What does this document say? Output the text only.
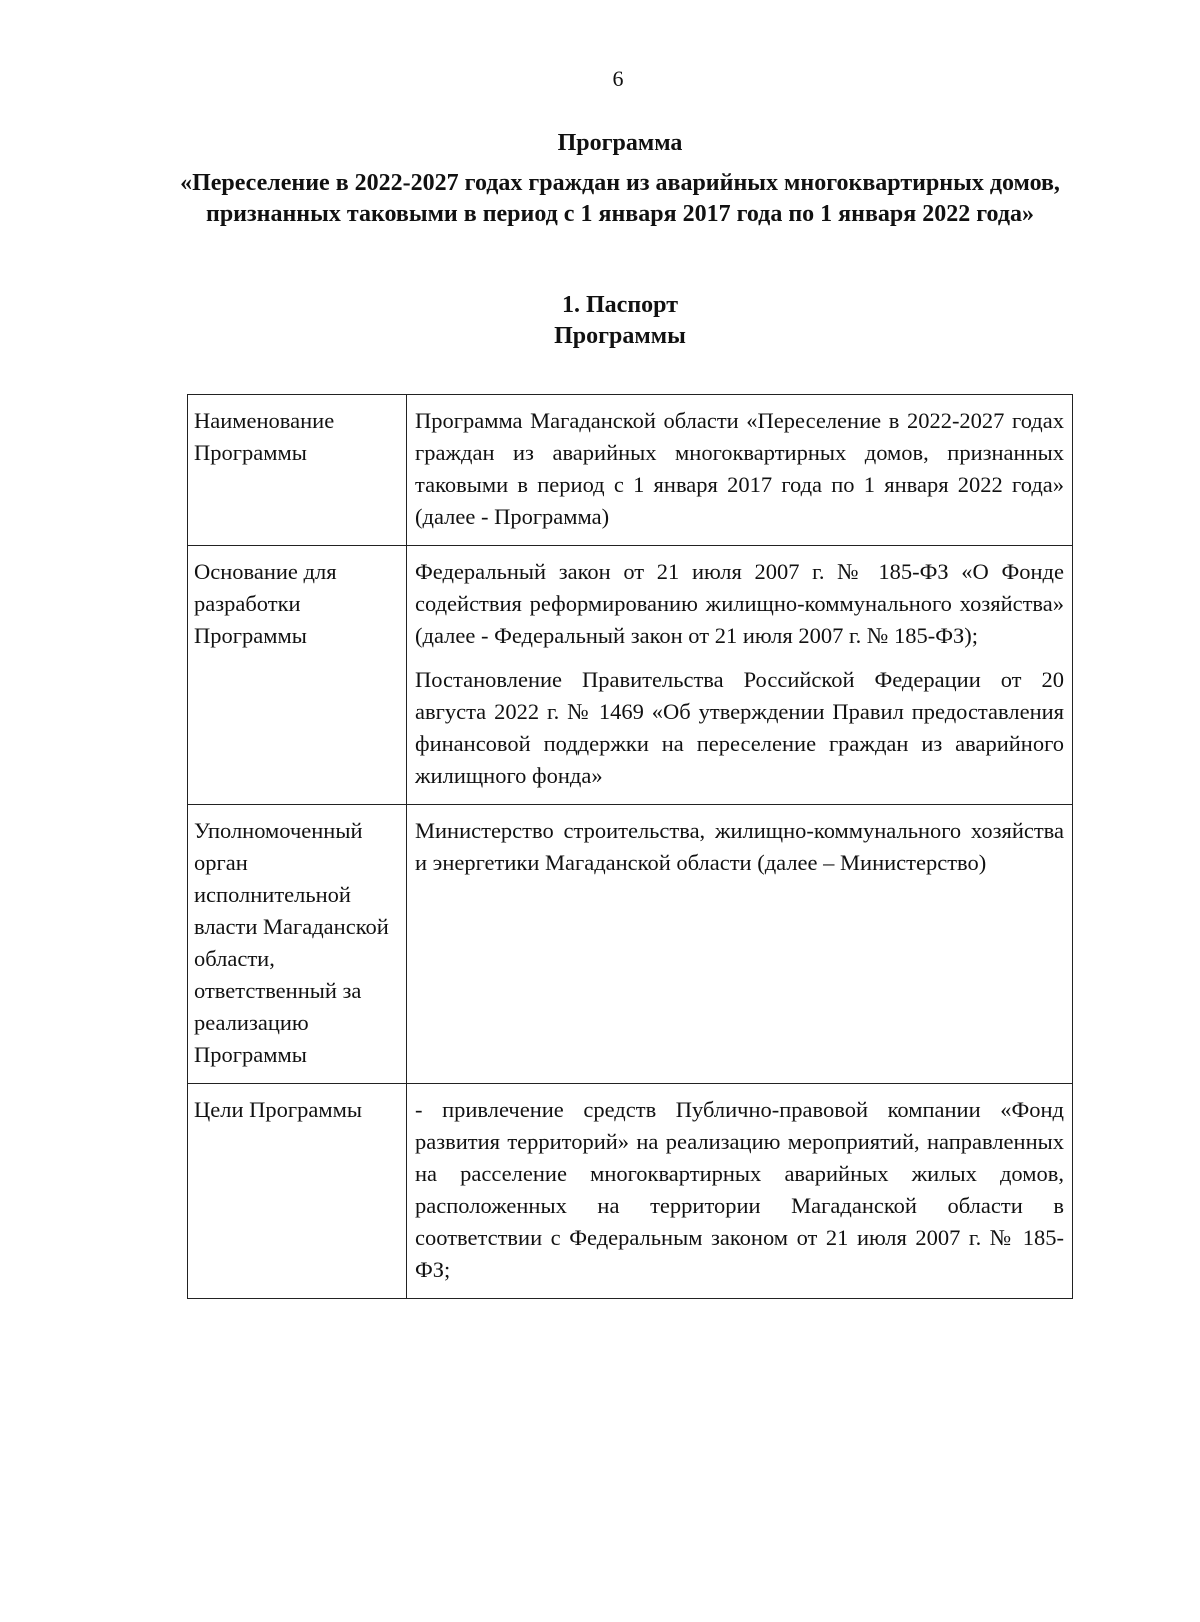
6
Программа
«Переселение в 2022-2027 годах граждан из аварийных многоквартирных домов, признанных таковыми в период с 1 января 2017 года по 1 января 2022 года»
1. Паспорт
Программы
Наименование Программы	Программа Магаданской области «Переселение в 2022-2027 годах граждан из аварийных многоквартирных домов, признанных таковыми в период с 1 января 2017 года по 1 января 2022 года» (далее - Программа)

Основание для разработки Программы	Федеральный закон от 21 июля 2007 г. № 185-ФЗ «О Фонде содействия реформированию жилищно-коммунального хозяйства» (далее - Федеральный закон от 21 июля 2007 г. № 185-ФЗ);

Постановление Правительства Российской Федерации от 20 августа 2022 г. № 1469 «Об утверждении Правил предоставления финансовой поддержки на переселение граждан из аварийного жилищного фонда»

Уполномоченный орган исполнительной власти Магаданской области, ответственный за реализацию Программы	Министерство строительства, жилищно-коммунального хозяйства и энергетики Магаданской области (далее – Министерство)

Цели Программы	- привлечение средств Публично-правовой компании «Фонд развития территорий» на реализацию мероприятий, направленных на расселение многоквартирных аварийных жилых домов, расположенных на территории Магаданской области в соответствии с Федеральным законом от 21 июля 2007 г. № 185-ФЗ;
